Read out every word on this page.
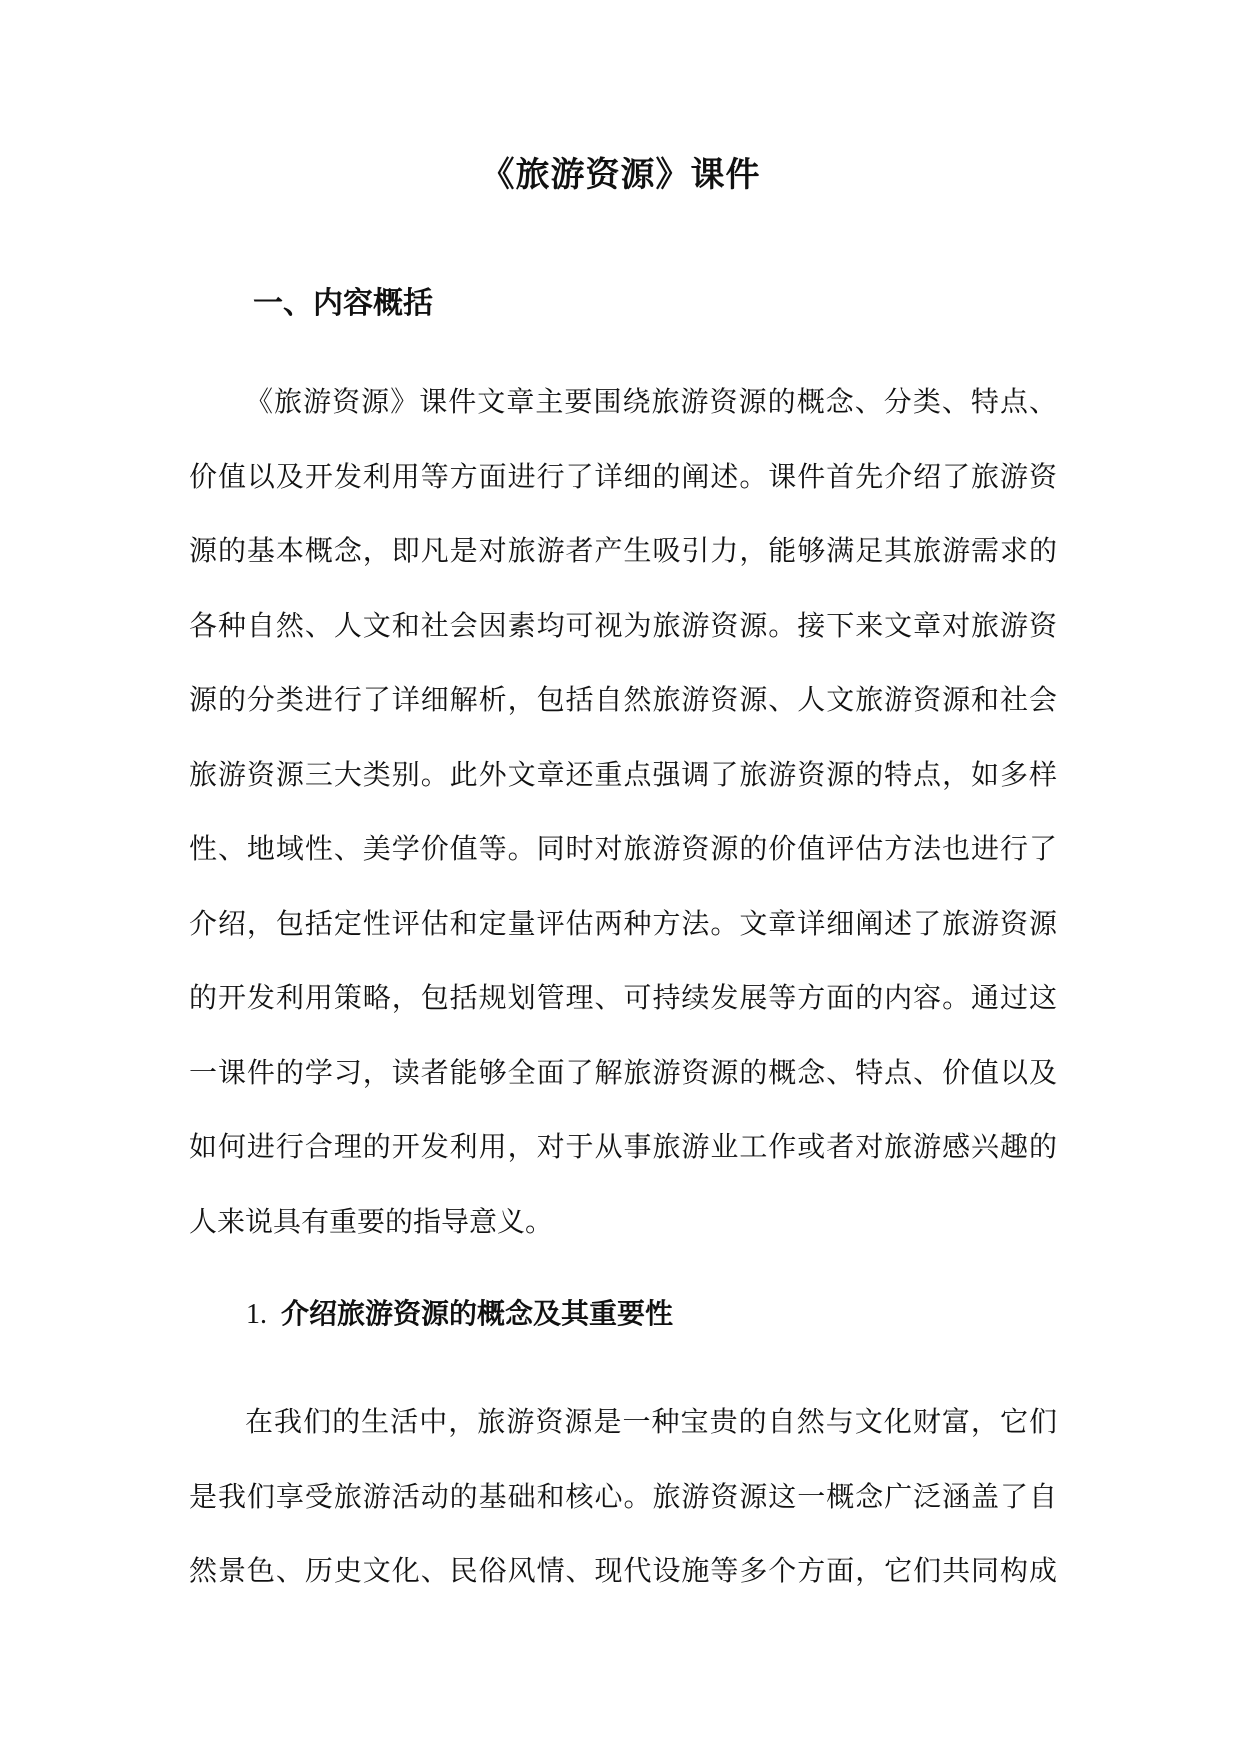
《旅游资源》课件
一、内容概括
《旅游资源》课件文章主要围绕旅游资源的概念、分类、特点、
价值以及开发利用等方面进行了详细的阐述。课件首先介绍了旅游资
源的基本概念，即凡是对旅游者产生吸引力，能够满足其旅游需求的
各种自然、人文和社会因素均可视为旅游资源。接下来文章对旅游资
源的分类进行了详细解析，包括自然旅游资源、人文旅游资源和社会
旅游资源三大类别。此外文章还重点强调了旅游资源的特点，如多样
性、地域性、美学价值等。同时对旅游资源的价值评估方法也进行了
介绍，包括定性评估和定量评估两种方法。文章详细阐述了旅游资源
的开发利用策略，包括规划管理、可持续发展等方面的内容。通过这
一课件的学习，读者能够全面了解旅游资源的概念、特点、价值以及
如何进行合理的开发利用，对于从事旅游业工作或者对旅游感兴趣的
人来说具有重要的指导意义。
1. 介绍旅游资源的概念及其重要性
在我们的生活中，旅游资源是一种宝贵的自然与文化财富，它们
是我们享受旅游活动的基础和核心。旅游资源这一概念广泛涵盖了自
然景色、历史文化、民俗风情、现代设施等多个方面，它们共同构成
